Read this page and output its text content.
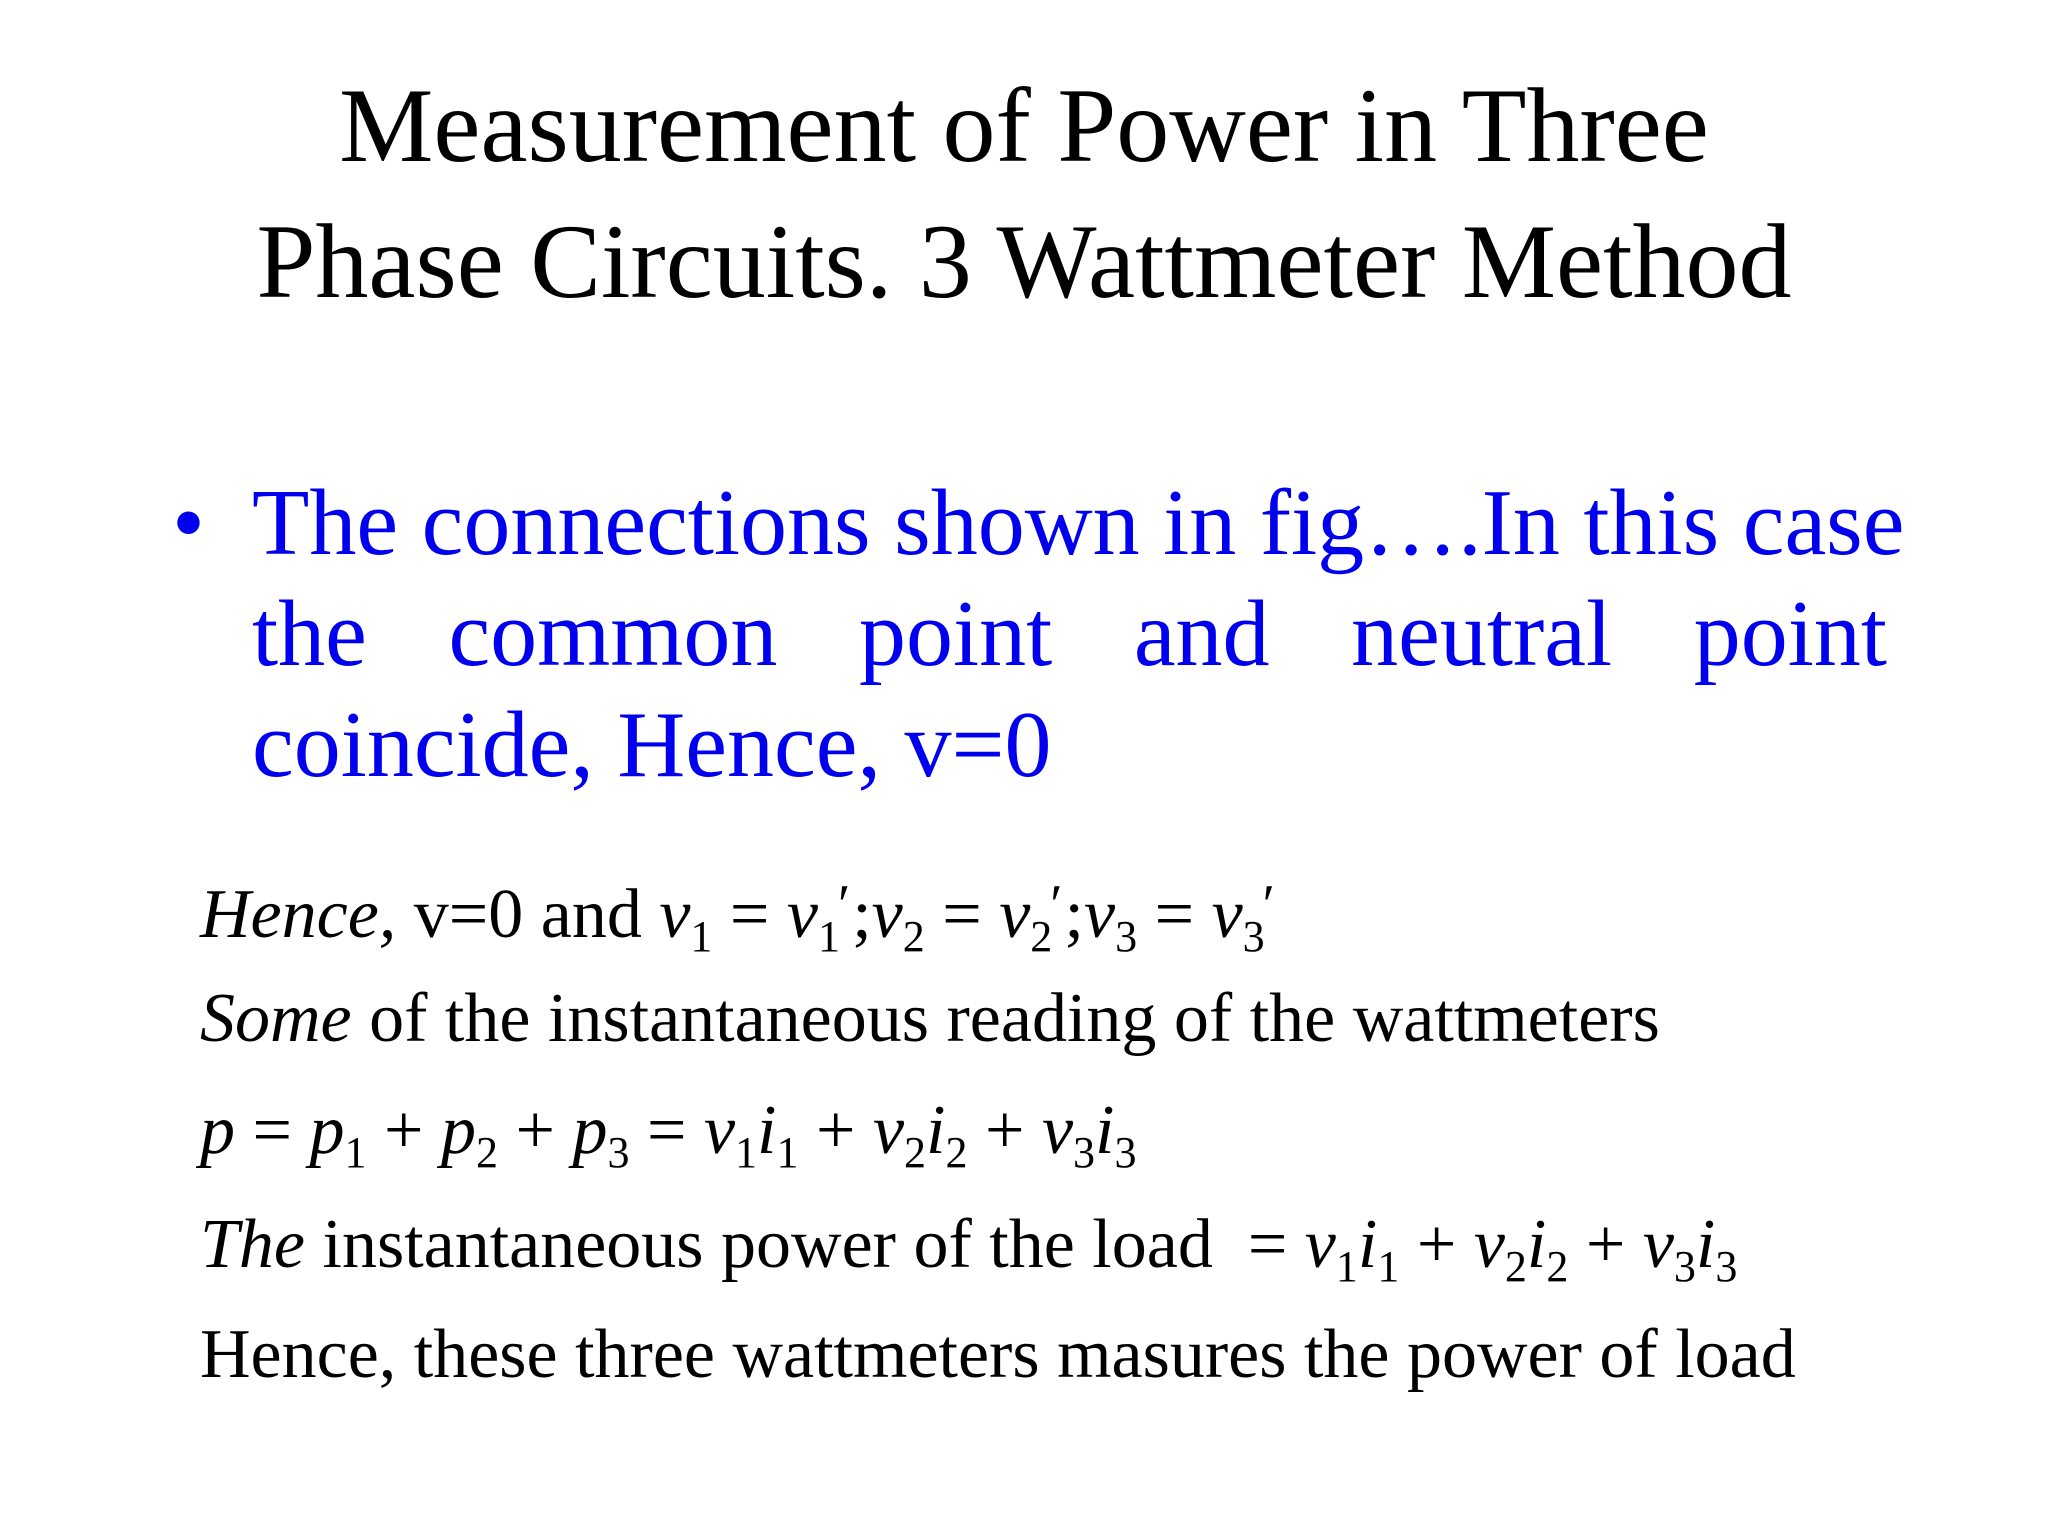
Measurement of Power in Three
Phase Circuits. 3 Wattmeter Method
• The connections shown in fig….In this case
the common point and neutral point
coincide, Hence, v=0
Hence, v=0 and $v_1$ = $v_1';v_2$ = $v_2';v_3 = v_3'$
Some of the instantaneous reading of the wattmeters
$p = p_1 + p_2 + p_3 = v_1i_1 + v_2i_2 + v_3i_3$
The instantaneous power of the load  = $v_1i_1 + v_2i_2 + v_3i_3$
Hence, these three wattmeters masures the power of load
